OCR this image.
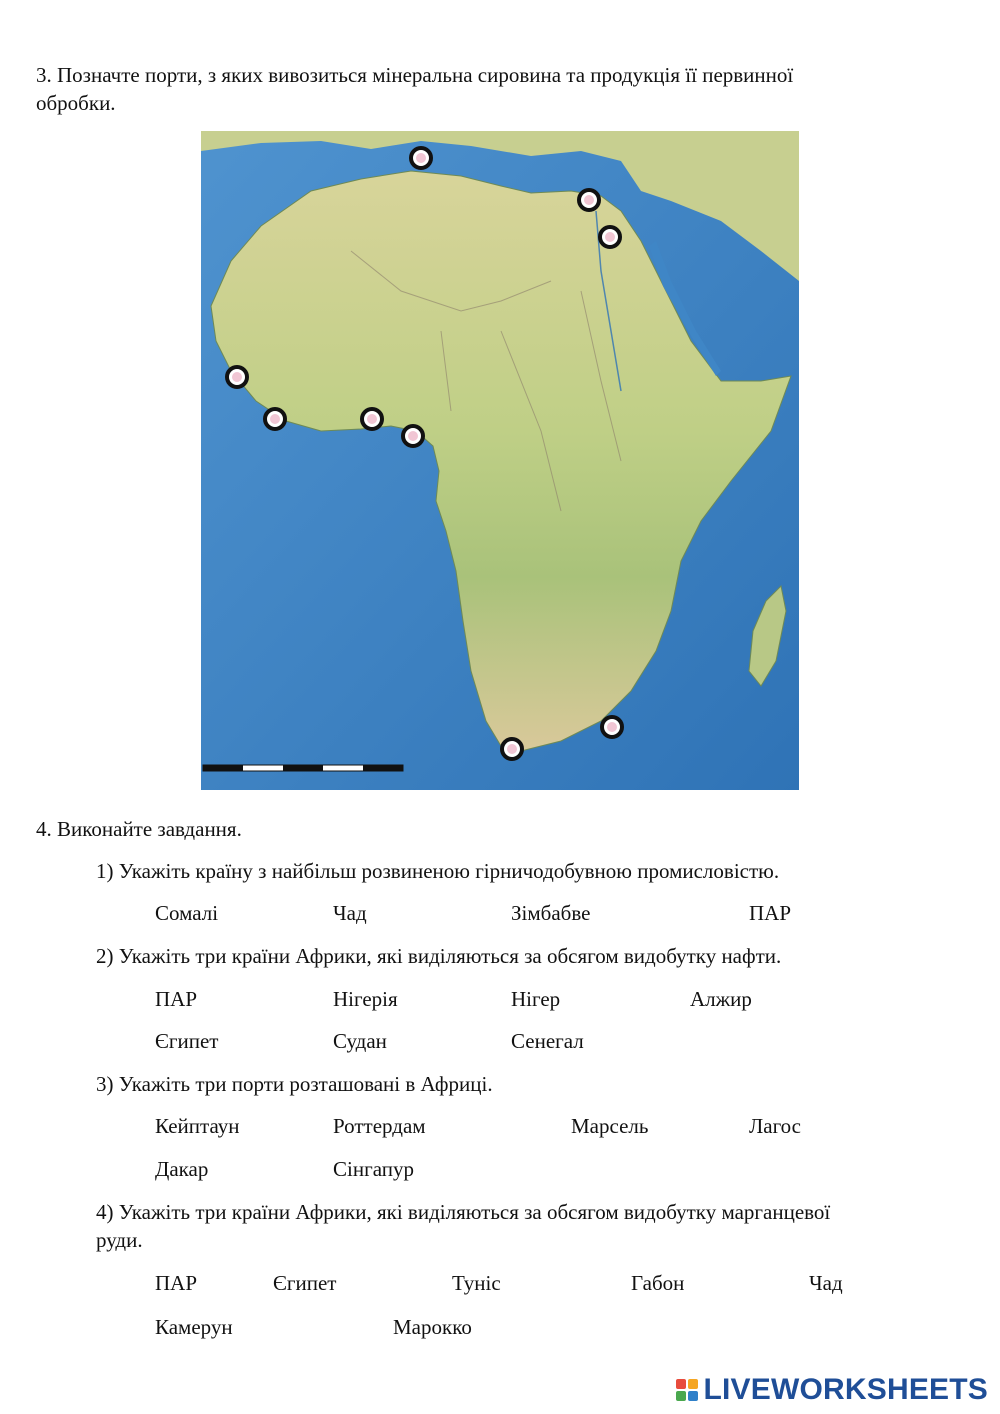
3. Позначте порти, з яких вивозиться мінеральна сировина та продукція її первинної
обробки.
4. Виконайте завдання.
1) Укажіть країну з найбільш розвиненою гірничодобувною промисловістю.
Сомалі	Чад	Зімбабве	ПАР
2) Укажіть три країни Африки, які виділяються за обсягом видобутку нафти.
ПАР	Нігерія	Нігер	Алжир
Єгипет	Судан	Сенегал
3) Укажіть три порти розташовані в Африці.
Кейптаун	Роттердам	Марсель	Лагос
Дакар	Сінгапур
4) Укажіть три країни Африки, які виділяються за обсягом видобутку марганцевої
руди.
ПАР	Єгипет	Туніс	Габон	Чад
Камерун	Марокко
LIVEWORKSHEETS
